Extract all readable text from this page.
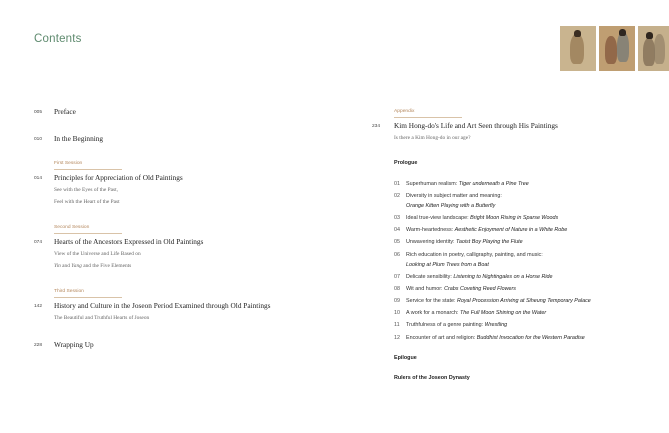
Contents
005 Preface
010 In the Beginning
First Session
014 Principles for Appreciation of Old Paintings
See with the Eyes of the Past,
Feel with the Heart of the Past
Second Session
074 Hearts of the Ancestors Expressed in Old Paintings
View of the Universe and Life Based on
Yin and Yang and the Five Elements
Third Session
142 History and Culture in the Joseon Period Examined through Old Paintings
The Beautiful and Truthful Hearts of Joseon
228 Wrapping Up
Appendix
234 Kim Hong-do's Life and Art Seen through His Paintings
Is there a Kim Hong-do in our age?
Prologue
01 Superhuman realism: Tiger underneath a Pine Tree
02 Diversity in subject matter and meaning:
Orange Kitten Playing with a Butterfly
03 Ideal true-view landscape: Bright Moon Rising in Sparse Woods
04 Warm-heartedness: Aesthetic Enjoyment of Nature in a White Robe
05 Unwavering identity: Taoist Boy Playing the Flute
06 Rich education in poetry, calligraphy, painting, and music:
Looking at Plum Trees from a Boat
07 Delicate sensibility: Listening to Nightingales on a Horse Ride
08 Wit and humor: Crabs Coveting Reed Flowers
09 Service for the state: Royal Procession Arriving at Siheung Temporary Palace
10 A work for a monarch: The Full Moon Shining on the Water
11 Truthfulness of a genre painting: Wrestling
12 Encounter of art and religion: Buddhist Invocation for the Western Paradise
Epilogue
Rulers of the Joseon Dynasty
